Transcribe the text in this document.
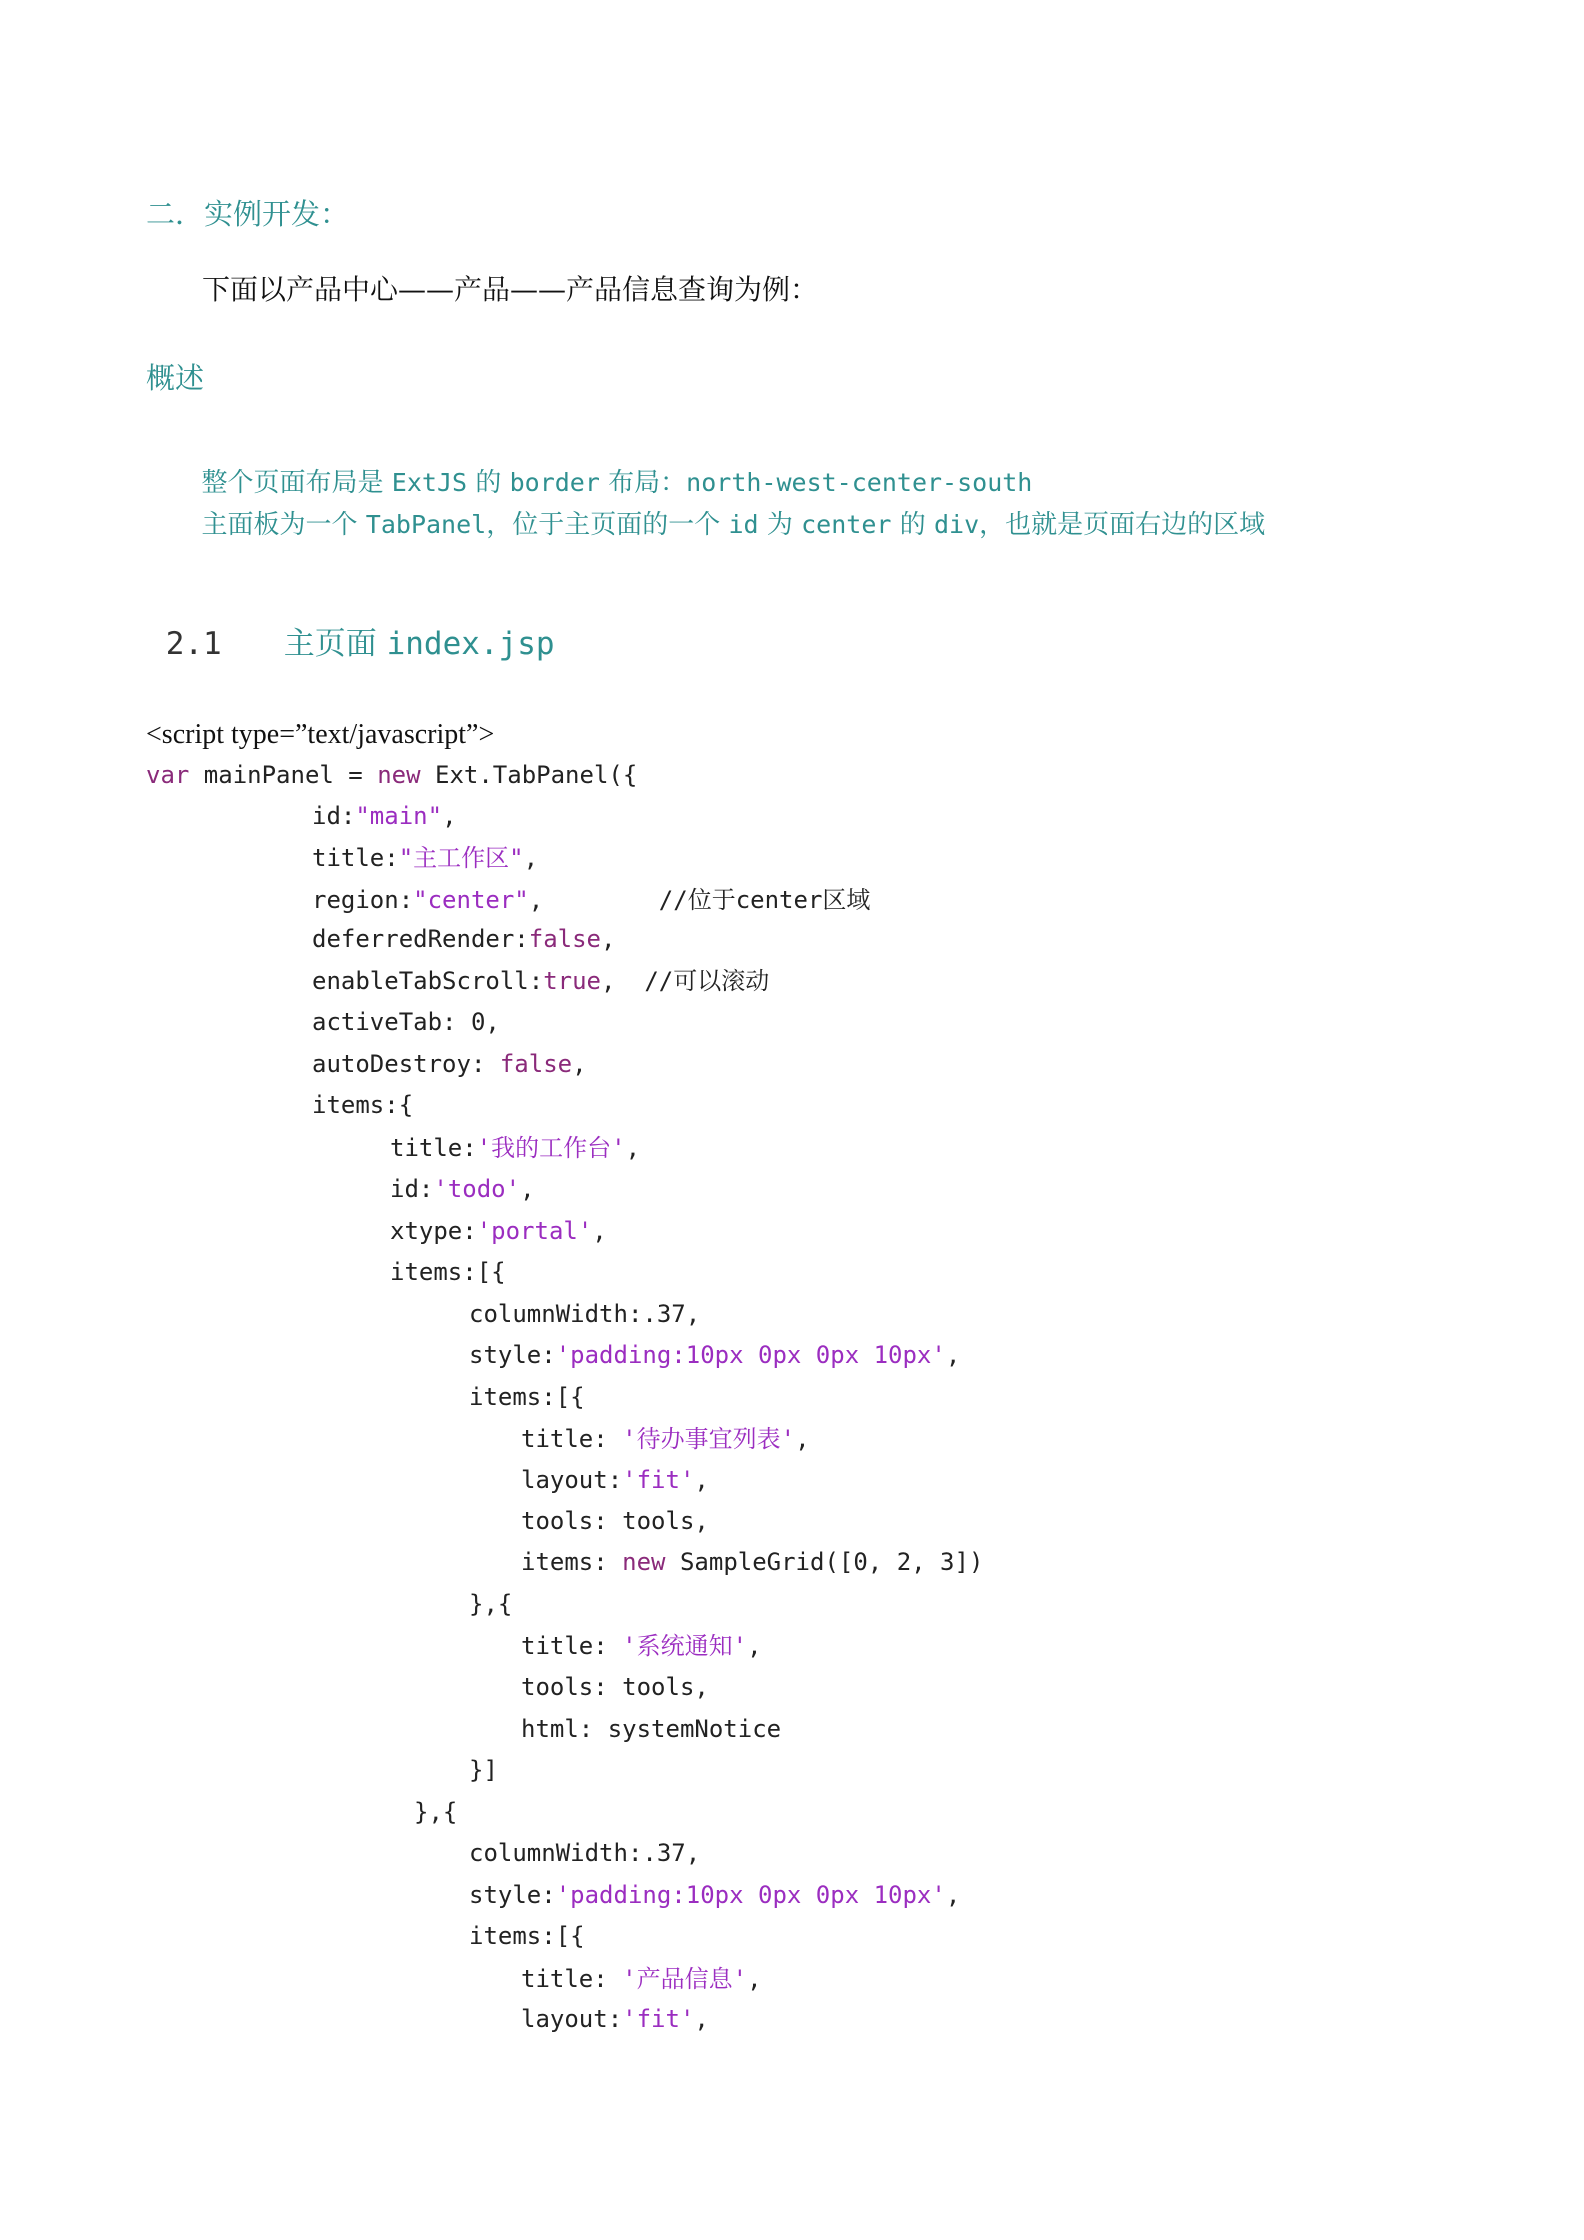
二．实例开发：
下面以产品中心——产品——产品信息查询为例：
概述

整个页面布局是 ExtJS 的 border 布局：north-west-center-south

主面板为一个 TabPanel，位于主页面的一个 id 为 center 的 div，也就是页面右边的区域

2.1 主页面 index.jsp

<script type=”text/javascript”>
var mainPanel = new Ext.TabPanel({
id:"main",
title:"主工作区",
region:"center",        //位于center区域
deferredRender:false,
enableTabScroll:true,  //可以滚动
activeTab: 0,
autoDestroy: false,
items:{
title:'我的工作台',
id:'todo',
xtype:'portal',
items:[{
columnWidth:.37,
style:'padding:10px 0px 0px 10px',
items:[{
title: '待办事宜列表',
layout:'fit',
tools: tools,
items: new SampleGrid([0, 2, 3])
},{
title: '系统通知',
tools: tools,
html: systemNotice
}]
},{
columnWidth:.37,
style:'padding:10px 0px 0px 10px',
items:[{
title: '产品信息',
layout:'fit',
